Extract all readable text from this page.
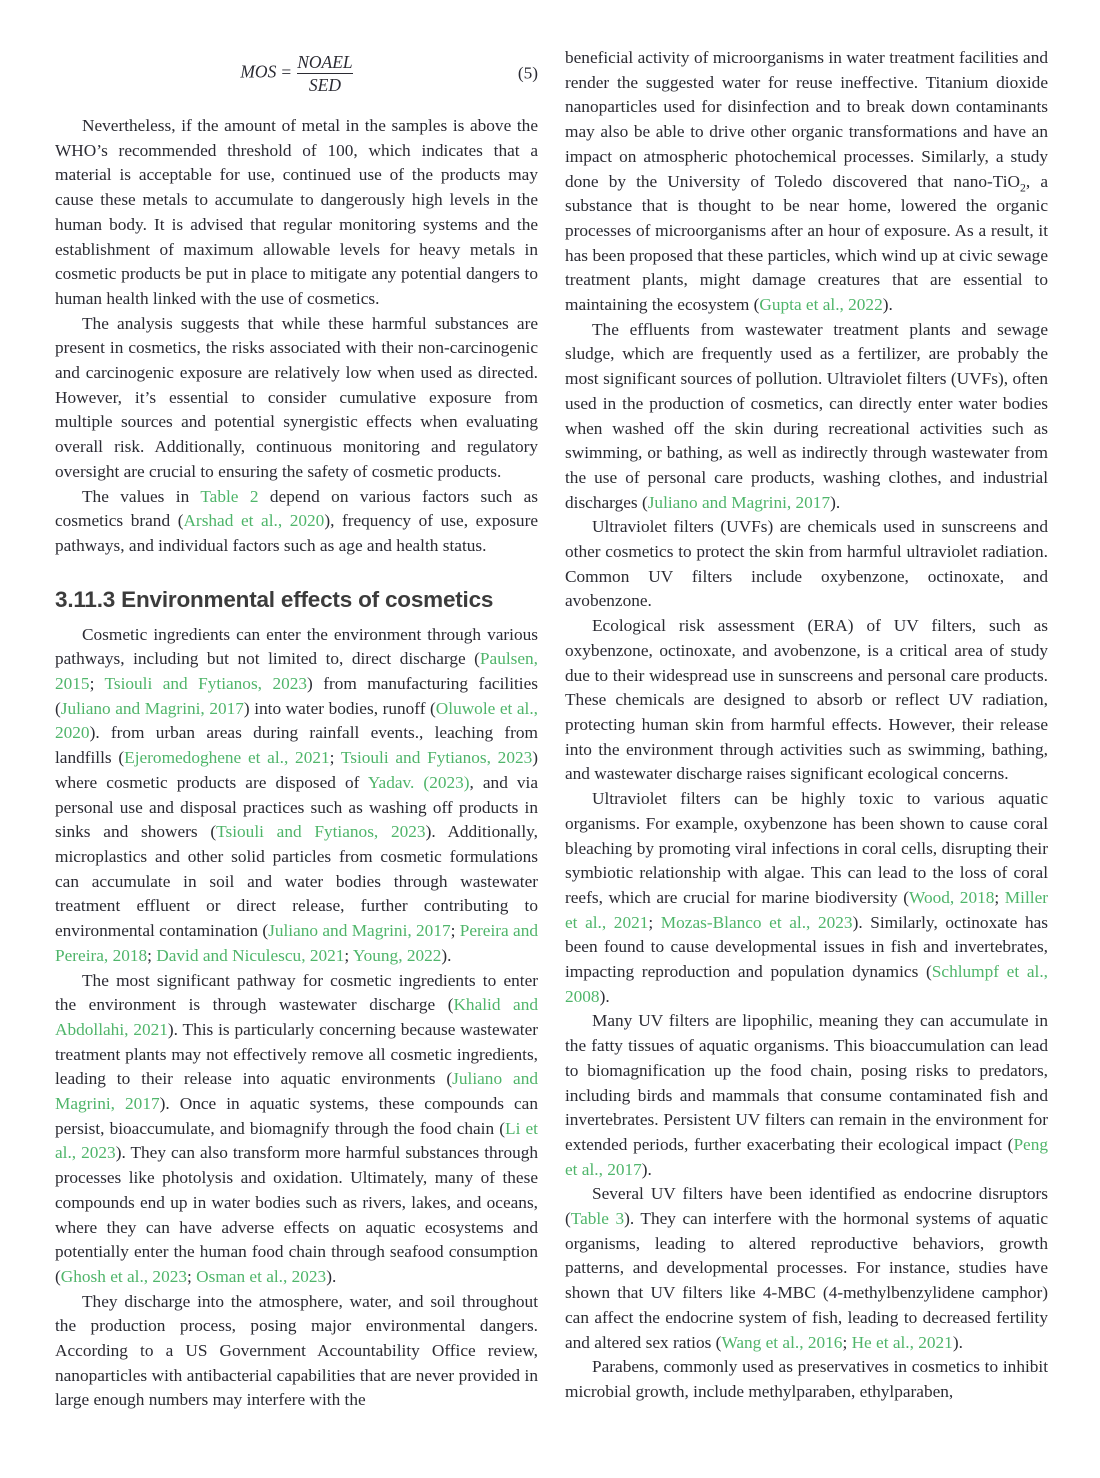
MOS = $\frac{\text{NOAEL}}{\text{SED}}$	(5)

Nevertheless, if the amount of metal in the samples is above the WHO’s recommended threshold of 100, which indicates that a material is acceptable for use, continued use of the products may cause these metals to accumulate to dangerously high levels in the human body. It is advised that regular monitoring systems and the establishment of maximum allowable levels for heavy metals in cosmetic products be put in place to mitigate any potential dangers to human health linked with the use of cosmetics.

The analysis suggests that while these harmful substances are present in cosmetics, the risks associated with their non-carcinogenic and carcinogenic exposure are relatively low when used as directed. However, it’s essential to consider cumulative exposure from multiple sources and potential synergistic effects when evaluating overall risk. Additionally, continuous monitoring and regulatory oversight are crucial to ensuring the safety of cosmetic products.

The values in Table 2 depend on various factors such as cosmetics brand (Arshad et al., 2020), frequency of use, exposure pathways, and individual factors such as age and health status.

3.11.3 Environmental effects of cosmetics

Cosmetic ingredients can enter the environment through various pathways, including but not limited to, direct discharge (Paulsen, 2015; Tsiouli and Fytianos, 2023) from manufacturing facilities (Juliano and Magrini, 2017) into water bodies, runoff (Oluwole et al., 2020). from urban areas during rainfall events., leaching from landfills (Ejeromedoghene et al., 2021; Tsiouli and Fytianos, 2023) where cosmetic products are disposed of Yadav. (2023), and via personal use and disposal practices such as washing off products in sinks and showers (Tsiouli and Fytianos, 2023). Additionally, microplastics and other solid particles from cosmetic formulations can accumulate in soil and water bodies through wastewater treatment effluent or direct release, further contributing to environmental contamination (Juliano and Magrini, 2017; Pereira and Pereira, 2018; David and Niculescu, 2021; Young, 2022).

The most significant pathway for cosmetic ingredients to enter the environment is through wastewater discharge (Khalid and Abdollahi, 2021). This is particularly concerning because wastewater treatment plants may not effectively remove all cosmetic ingredients, leading to their release into aquatic environments (Juliano and Magrini, 2017). Once in aquatic systems, these compounds can persist, bioaccumulate, and biomagnify through the food chain (Li et al., 2023). They can also transform more harmful substances through processes like photolysis and oxidation. Ultimately, many of these compounds end up in water bodies such as rivers, lakes, and oceans, where they can have adverse effects on aquatic ecosystems and potentially enter the human food chain through seafood consumption (Ghosh et al., 2023; Osman et al., 2023).

They discharge into the atmosphere, water, and soil throughout the production process, posing major environmental dangers. According to a US Government Accountability Office review, nanoparticles with antibacterial capabilities that are never provided in large enough numbers may interfere with the

beneficial activity of microorganisms in water treatment facilities and render the suggested water for reuse ineffective. Titanium dioxide nanoparticles used for disinfection and to break down contaminants may also be able to drive other organic transformations and have an impact on atmospheric photochemical processes. Similarly, a study done by the University of Toledo discovered that nano-TiO$_2$, a substance that is thought to be near home, lowered the organic processes of microorganisms after an hour of exposure. As a result, it has been proposed that these particles, which wind up at civic sewage treatment plants, might damage creatures that are essential to maintaining the ecosystem (Gupta et al., 2022).

The effluents from wastewater treatment plants and sewage sludge, which are frequently used as a fertilizer, are probably the most significant sources of pollution. Ultraviolet filters (UVFs), often used in the production of cosmetics, can directly enter water bodies when washed off the skin during recreational activities such as swimming, or bathing, as well as indirectly through wastewater from the use of personal care products, washing clothes, and industrial discharges (Juliano and Magrini, 2017).

Ultraviolet filters (UVFs) are chemicals used in sunscreens and other cosmetics to protect the skin from harmful ultraviolet radiation. Common UV filters include oxybenzone, octinoxate, and avobenzone.

Ecological risk assessment (ERA) of UV filters, such as oxybenzone, octinoxate, and avobenzone, is a critical area of study due to their widespread use in sunscreens and personal care products. These chemicals are designed to absorb or reflect UV radiation, protecting human skin from harmful effects. However, their release into the environment through activities such as swimming, bathing, and wastewater discharge raises significant ecological concerns.

Ultraviolet filters can be highly toxic to various aquatic organisms. For example, oxybenzone has been shown to cause coral bleaching by promoting viral infections in coral cells, disrupting their symbiotic relationship with algae. This can lead to the loss of coral reefs, which are crucial for marine biodiversity (Wood, 2018; Miller et al., 2021; Mozas-Blanco et al., 2023). Similarly, octinoxate has been found to cause developmental issues in fish and invertebrates, impacting reproduction and population dynamics (Schlumpf et al., 2008).

Many UV filters are lipophilic, meaning they can accumulate in the fatty tissues of aquatic organisms. This bioaccumulation can lead to biomagnification up the food chain, posing risks to predators, including birds and mammals that consume contaminated fish and invertebrates. Persistent UV filters can remain in the environment for extended periods, further exacerbating their ecological impact (Peng et al., 2017).

Several UV filters have been identified as endocrine disruptors (Table 3). They can interfere with the hormonal systems of aquatic organisms, leading to altered reproductive behaviors, growth patterns, and developmental processes. For instance, studies have shown that UV filters like 4-MBC (4-methylbenzylidene camphor) can affect the endocrine system of fish, leading to decreased fertility and altered sex ratios (Wang et al., 2016; He et al., 2021).

Parabens, commonly used as preservatives in cosmetics to inhibit microbial growth, include methylparaben, ethylparaben,
